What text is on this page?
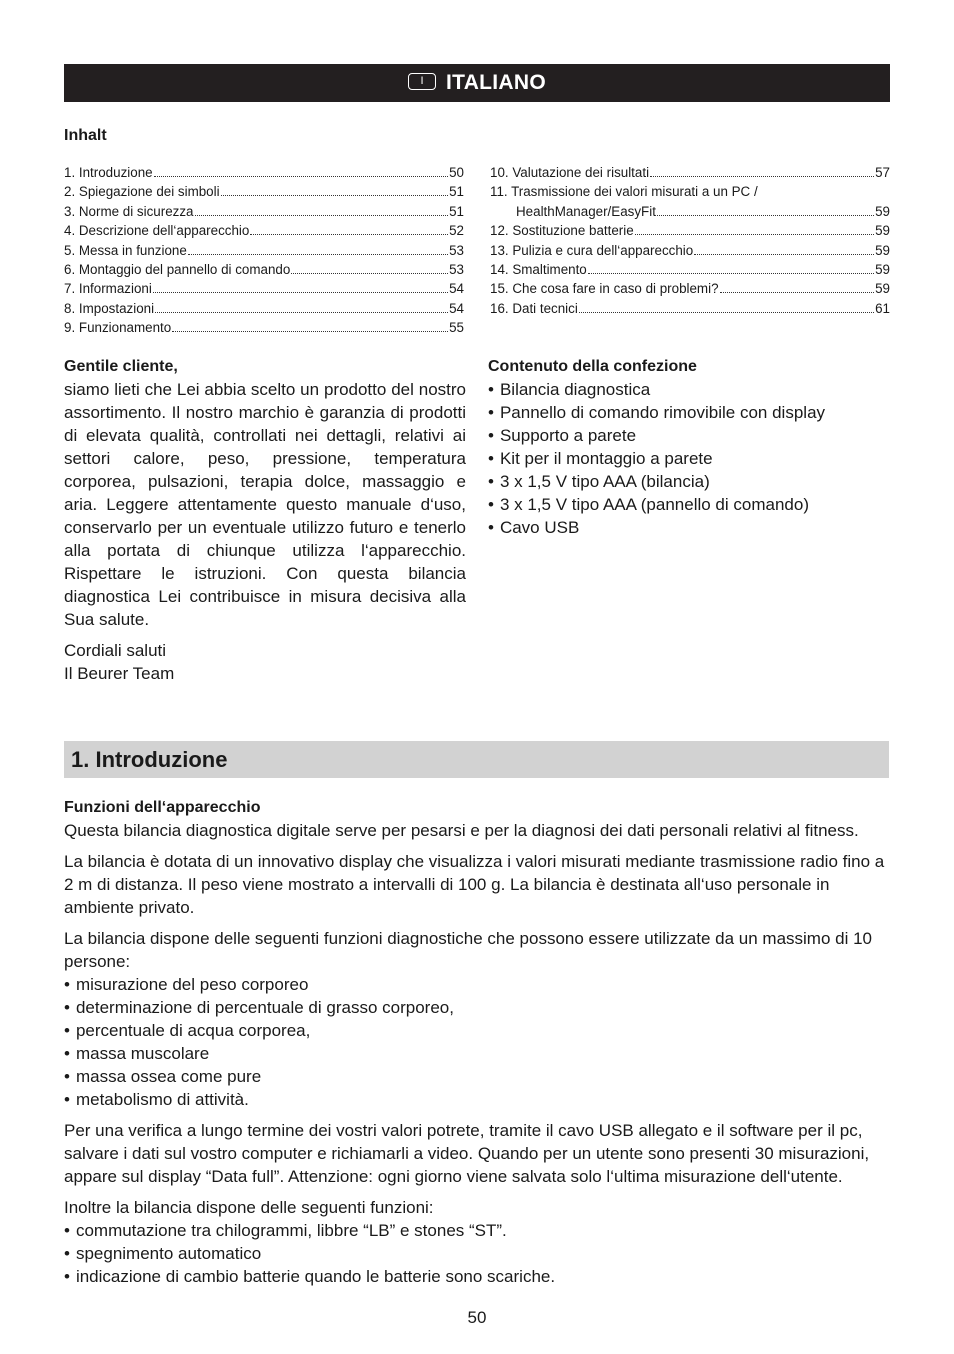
I	ITALIANO
Inhalt
1. Introduzione	50
2. Spiegazione dei simboli	51
3. Norme di sicurezza	51
4. Descrizione dell‘apparecchio	52
5. Messa in funzione	53
6. Montaggio del pannello di comando	53
7. Informazioni	54
8. Impostazioni	54
9. Funzionamento	55
10. Valutazione dei risultati	57
11. Trasmissione dei valori misurati a un PC /
HealthManager/EasyFit	59
12. Sostituzione batterie	59
13. Pulizia e cura dell‘apparecchio	59
14. Smaltimento	59
15. Che cosa fare in caso di problemi?	59
16. Dati tecnici	61
Gentile cliente,
siamo lieti che Lei abbia scelto un prodotto del nostro assortimento. Il nostro marchio è garanzia di prodotti di elevata qualità, controllati nei dettagli, relativi ai settori calore, peso, pressione, temperatura corporea, pulsazioni, terapia dolce, massaggio e aria. Leggere attentamente questo manuale d‘uso, conservarlo per un eventuale utilizzo futuro e tenerlo alla portata di chiunque utilizza l‘apparecchio. Rispettare le istruzioni. Con questa bilancia diagnostica Lei contribuisce in misura decisiva alla Sua salute.
Cordiali saluti
Il Beurer Team
Contenuto della confezione
• Bilancia diagnostica
• Pannello di comando rimovibile con display
• Supporto a parete
• Kit per il montaggio a parete
• 3 x 1,5 V tipo AAA (bilancia)
• 3 x 1,5 V tipo AAA (pannello di comando)
• Cavo USB
1. Introduzione
Funzioni dell‘apparecchio
Questa bilancia diagnostica digitale serve per pesarsi e per la diagnosi dei dati personali relativi al fitness.
La bilancia è dotata di un innovativo display che visualizza i valori misurati mediante trasmissione radio fino a 2 m di distanza. Il peso viene mostrato a intervalli di 100 g. La bilancia è destinata all‘uso personale in ambiente privato.
La bilancia dispone delle seguenti funzioni diagnostiche che possono essere utilizzate da un massimo di 10 persone:
• misurazione del peso corporeo
• determinazione di percentuale di grasso corporeo,
• percentuale di acqua corporea,
• massa muscolare
• massa ossea come pure
• metabolismo di attività.
Per una verifica a lungo termine dei vostri valori potrete, tramite il cavo USB allegato e il software per il pc, salvare i dati sul vostro computer e richiamarli a video. Quando per un utente sono presenti 30 misurazioni, appare sul display “Data full”. Attenzione: ogni giorno viene salvata solo l‘ultima misurazione dell‘utente.
Inoltre la bilancia dispone delle seguenti funzioni:
• commutazione tra chilogrammi, libbre “LB” e stones “ST”.
• spegnimento automatico
• indicazione di cambio batterie quando le batterie sono scariche.
50
